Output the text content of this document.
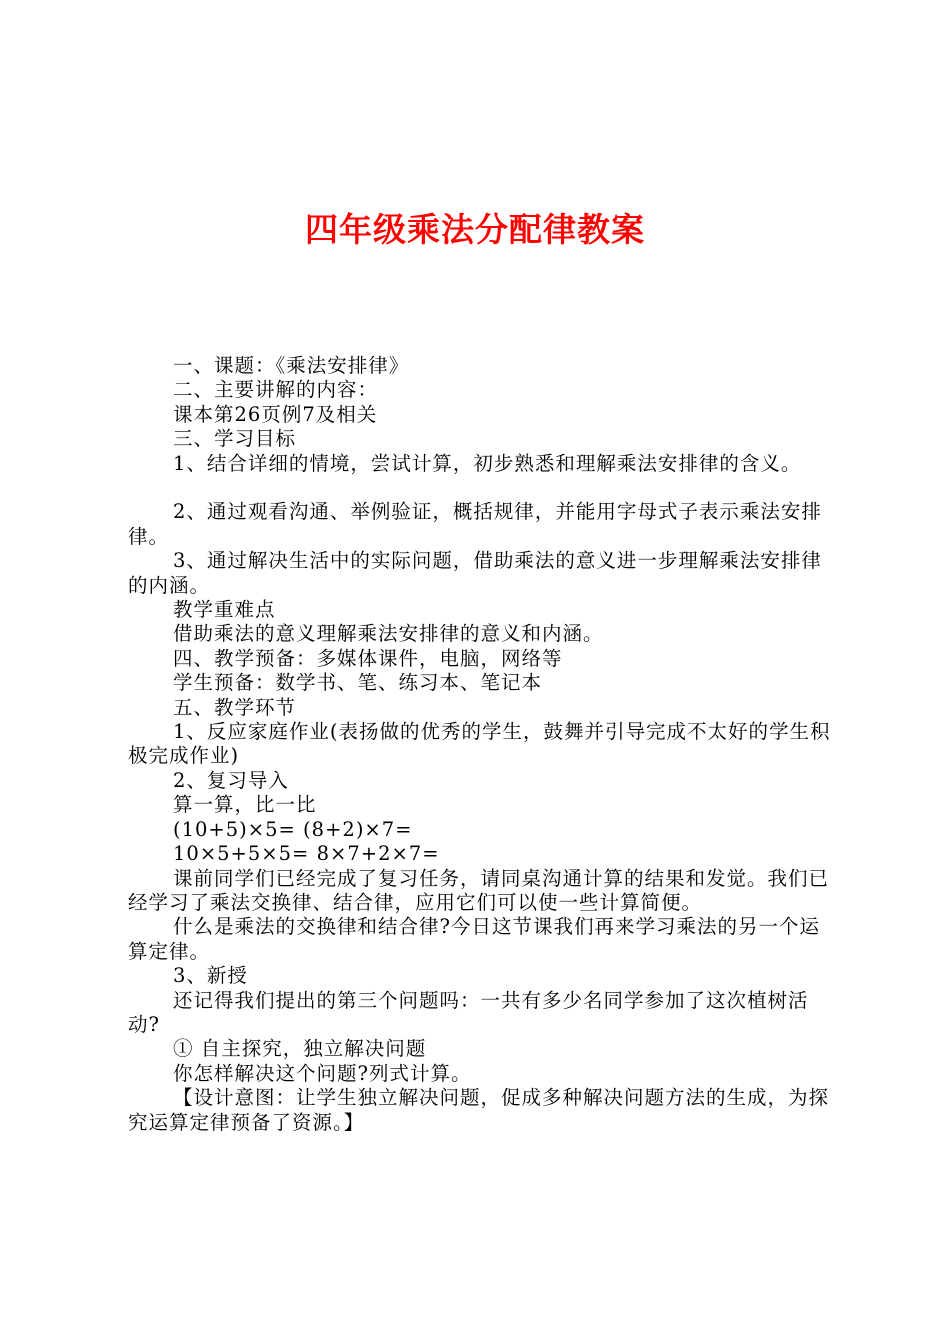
四年级乘法分配律教案

一、课题：《乘法安排律》

二、主要讲解的内容：

课本第26页例7及相关

三、学习目标

1、结合详细的情境，尝试计算，初步熟悉和理解乘法安排律的含义。

2、通过观看沟通、举例验证，概括规律，并能用字母式子表示乘法安排律。

3、通过解决生活中的实际问题，借助乘法的意义进一步理解乘法安排律的内涵。

教学重难点

借助乘法的意义理解乘法安排律的意义和内涵。

四、教学预备：多媒体课件，电脑，网络等

学生预备：数学书、笔、练习本、笔记本

五、教学环节

1、反应家庭作业(表扬做的优秀的学生，鼓舞并引导完成不太好的学生积极完成作业)

2、复习导入

算一算，比一比

(10+5)×5= (8+2)×7=

10×5+5×5= 8×7+2×7=

课前同学们已经完成了复习任务，请同桌沟通计算的结果和发觉。我们已经学习了乘法交换律、结合律，应用它们可以使一些计算简便。

什么是乘法的交换律和结合律?今日这节课我们再来学习乘法的另一个运算定律。

3、新授

还记得我们提出的第三个问题吗：一共有多少名同学参加了这次植树活动?

① 自主探究，独立解决问题

你怎样解决这个问题?列式计算。

【设计意图：让学生独立解决问题，促成多种解决问题方法的生成，为探究运算定律预备了资源。】
